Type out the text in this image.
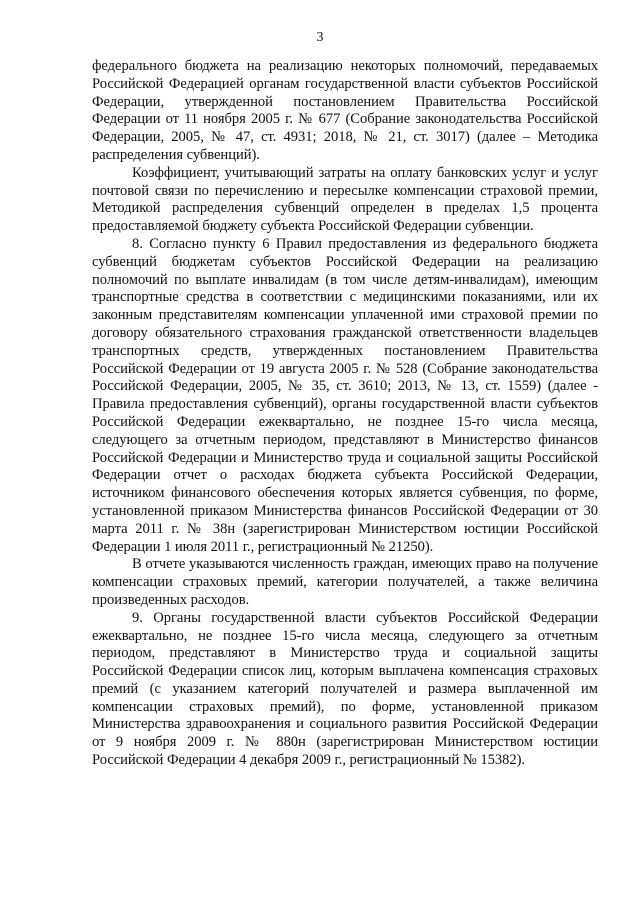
3

федерального бюджета на реализацию некоторых полномочий, передаваемых Российской Федерацией органам государственной власти субъектов Российской Федерации, утвержденной постановлением Правительства Российской Федерации от 11 ноября 2005 г. № 677 (Собрание законодательства Российской Федерации, 2005, № 47, ст. 4931; 2018, № 21, ст. 3017) (далее – Методика распределения субвенций).

Коэффициент, учитывающий затраты на оплату банковских услуг и услуг почтовой связи по перечислению и пересылке компенсации страховой премии, Методикой распределения субвенций определен в пределах 1,5 процента предоставляемой бюджету субъекта Российской Федерации субвенции.

8. Согласно пункту 6 Правил предоставления из федерального бюджета субвенций бюджетам субъектов Российской Федерации на реализацию полномочий по выплате инвалидам (в том числе детям-инвалидам), имеющим транспортные средства в соответствии с медицинскими показаниями, или их законным представителям компенсации уплаченной ими страховой премии по договору обязательного страхования гражданской ответственности владельцев транспортных средств, утвержденных постановлением Правительства Российской Федерации от 19 августа 2005 г. № 528 (Собрание законодательства Российской Федерации, 2005, № 35, ст. 3610; 2013, № 13, ст. 1559) (далее - Правила предоставления субвенций), органы государственной власти субъектов Российской Федерации ежеквартально, не позднее 15-го числа месяца, следующего за отчетным периодом, представляют в Министерство финансов Российской Федерации и Министерство труда и социальной защиты Российской Федерации отчет о расходах бюджета субъекта Российской Федерации, источником финансового обеспечения которых является субвенция, по форме, установленной приказом Министерства финансов Российской Федерации от 30 марта 2011 г. № 38н (зарегистрирован Министерством юстиции Российской Федерации 1 июля 2011 г., регистрационный № 21250).

В отчете указываются численность граждан, имеющих право на получение компенсации страховых премий, категории получателей, а также величина произведенных расходов.

9. Органы государственной власти субъектов Российской Федерации ежеквартально, не позднее 15-го числа месяца, следующего за отчетным периодом, представляют в Министерство труда и социальной защиты Российской Федерации список лиц, которым выплачена компенсация страховых премий (с указанием категорий получателей и размера выплаченной им компенсации страховых премий), по форме, установленной приказом Министерства здравоохранения и социального развития Российской Федерации от 9 ноября 2009 г. № 880н (зарегистрирован Министерством юстиции Российской Федерации 4 декабря 2009 г., регистрационный № 15382).
